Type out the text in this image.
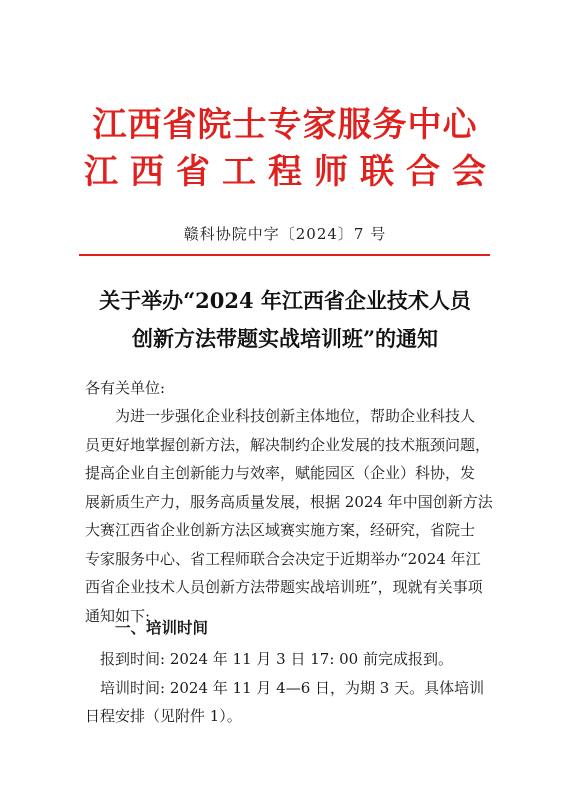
江西省院士专家服务中心
江西省工程师联合会
赣科协院中字〔2024〕7 号
关于举办“2024 年江西省企业技术人员
创新方法带题实战培训班”的通知
各有关单位:
为进一步强化企业科技创新主体地位，帮助企业科技人
员更好地掌握创新方法，解决制约企业发展的技术瓶颈问题，
提高企业自主创新能力与效率，赋能园区（企业）科协，发
展新质生产力，服务高质量发展，根据 2024 年中国创新方法
大赛江西省企业创新方法区域赛实施方案，经研究，省院士
专家服务中心、省工程师联合会决定于近期举办“2024 年江
西省企业技术人员创新方法带题实战培训班”，现就有关事项
通知如下:
一、培训时间
报到时间: 2024 年 11 月 3 日 17: 00 前完成报到。
培训时间: 2024 年 11 月 4—6 日，为期 3 天。具体培训
日程安排（见附件 1）。
